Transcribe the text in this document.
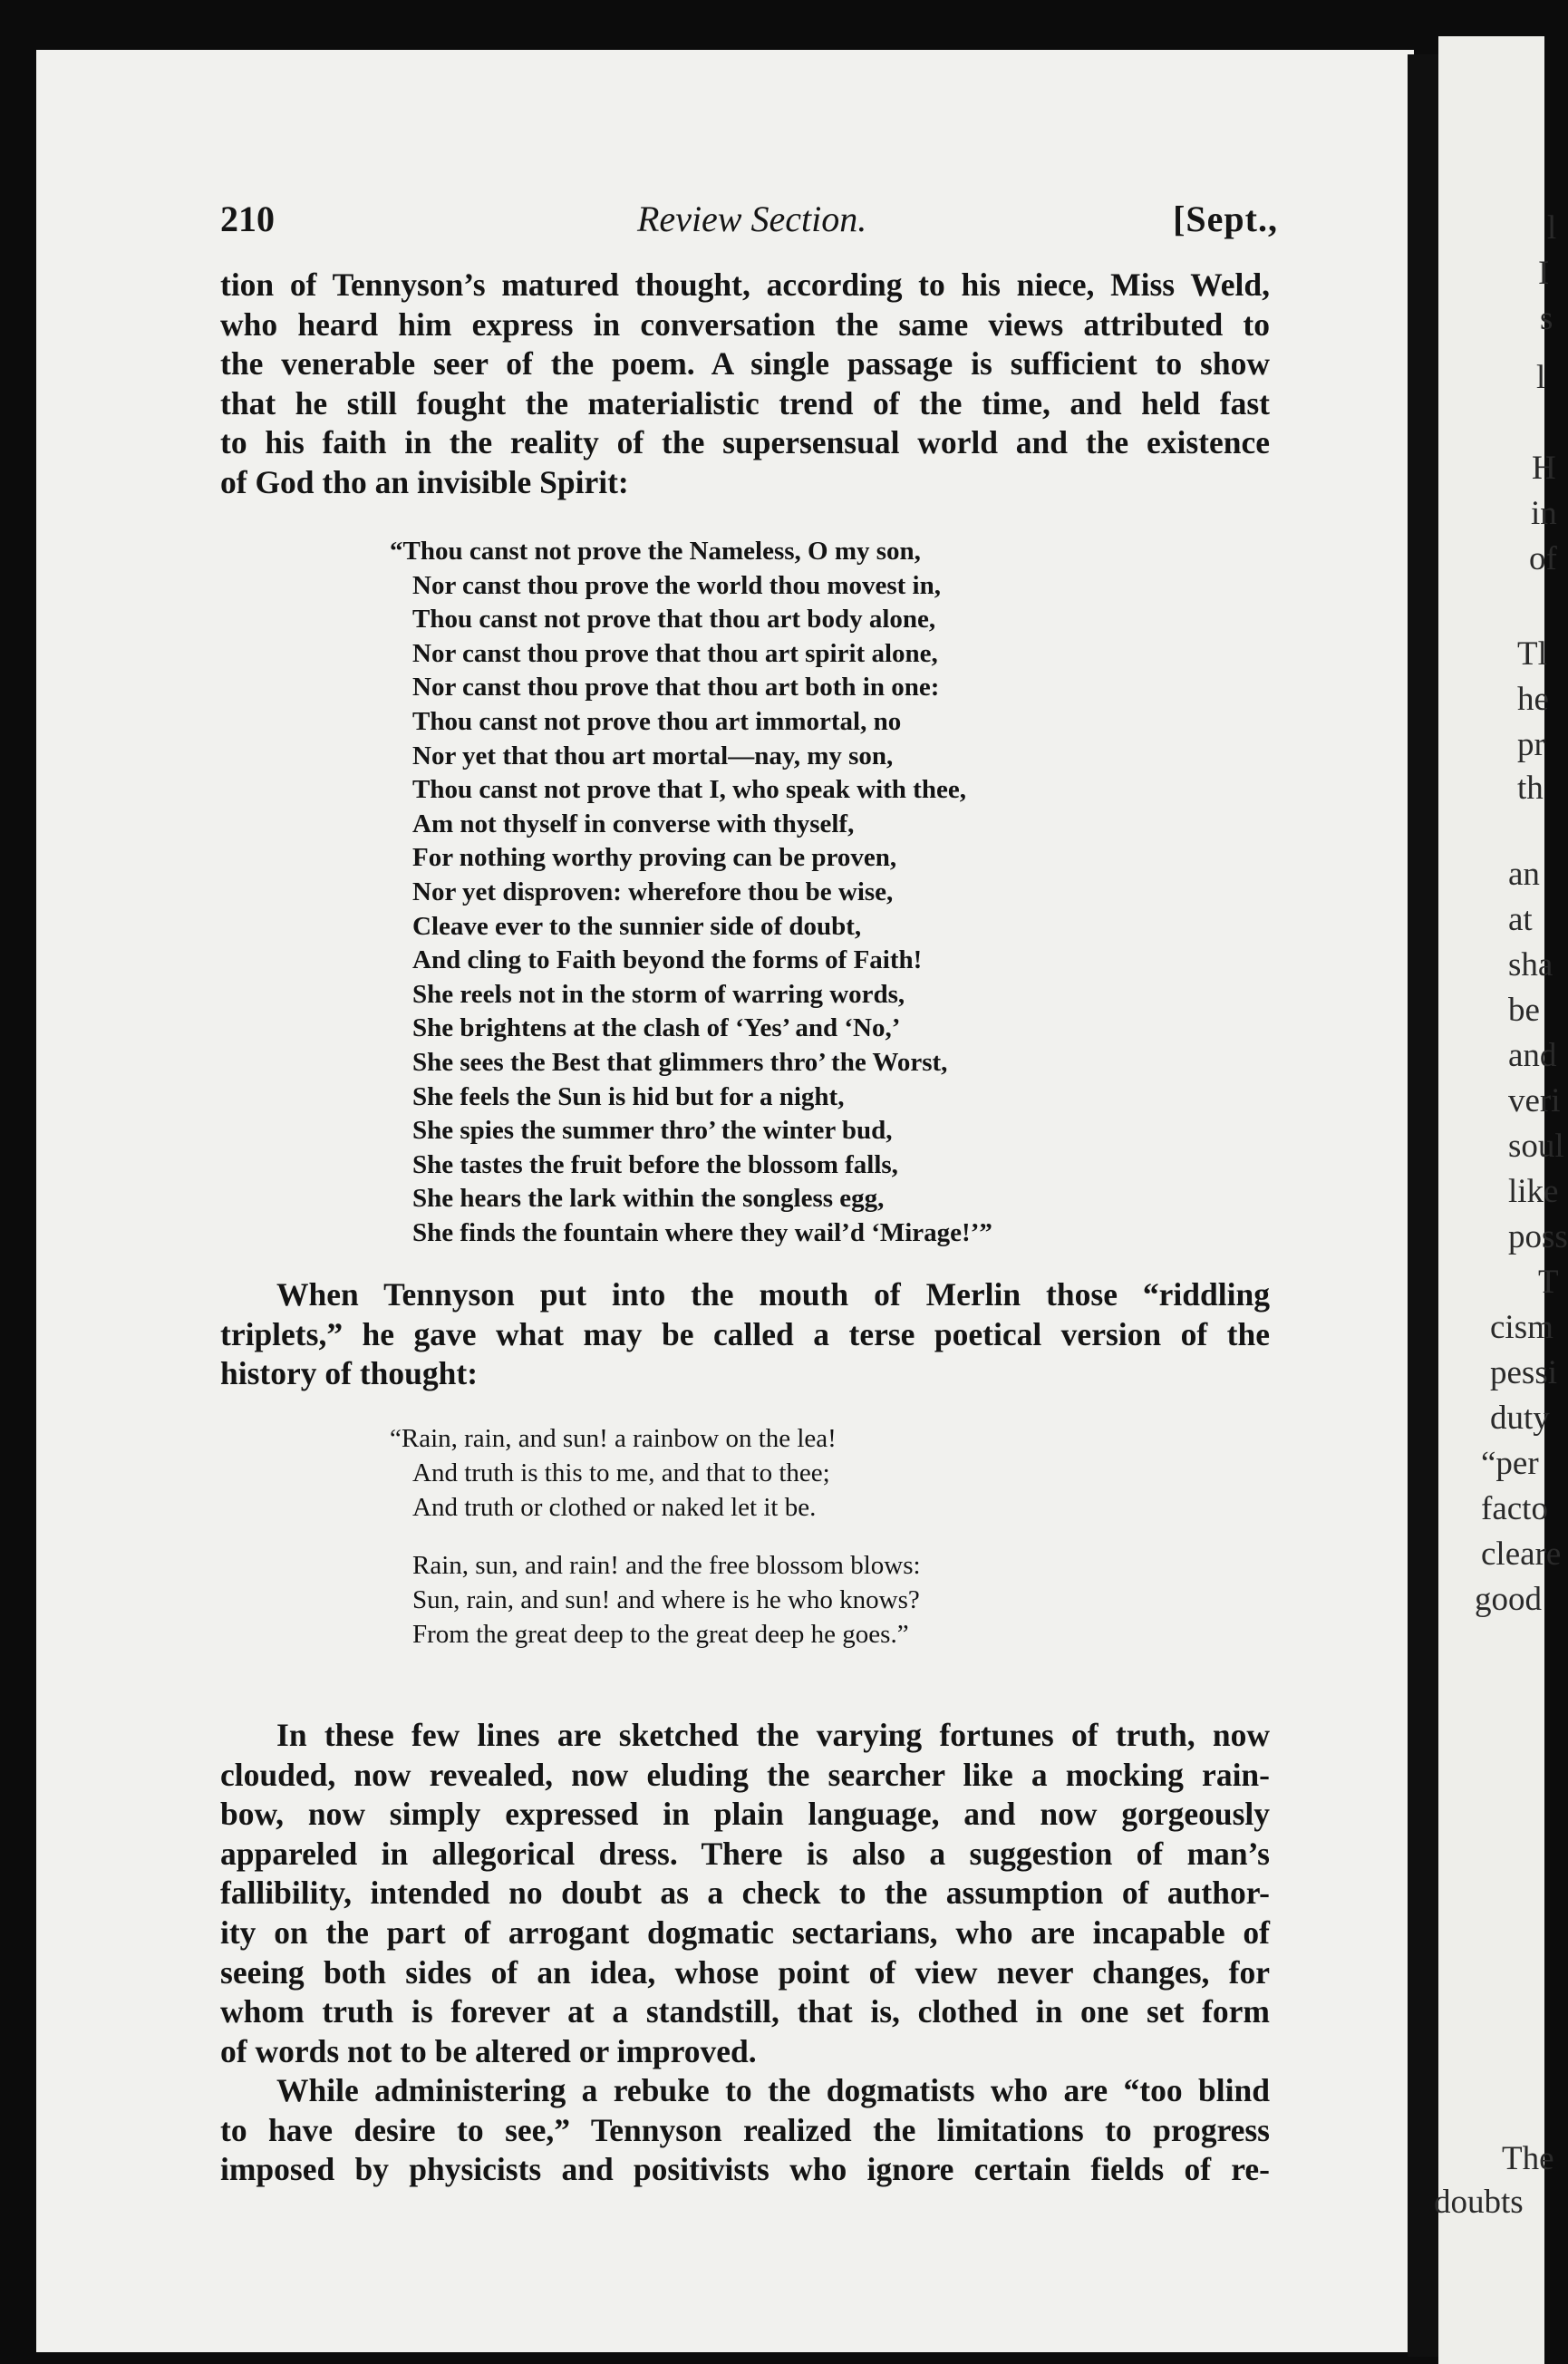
l
I
s
l
H
in
of
Tl
he
pr
th
an
at
sha
be
and
veri
soul
like
poss
T
cism
pessi
duty
“per
facto
cleare
good
The
doubts
210	Review Section.	[Sept.,
tion of Tennyson’s matured thought, according to his niece, Miss Weld,
who heard him express in conversation the same views attributed to
the venerable seer of the poem. A single passage is sufficient to show
that he still fought the materialistic trend of the time, and held fast
to his faith in the reality of the supersensual world and the existence
of God tho an invisible Spirit:
“Thou canst not prove the Nameless, O my son,
Nor canst thou prove the world thou movest in,
Thou canst not prove that thou art body alone,
Nor canst thou prove that thou art spirit alone,
Nor canst thou prove that thou art both in one:
Thou canst not prove thou art immortal, no
Nor yet that thou art mortal—nay, my son,
Thou canst not prove that I, who speak with thee,
Am not thyself in converse with thyself,
For nothing worthy proving can be proven,
Nor yet disproven: wherefore thou be wise,
Cleave ever to the sunnier side of doubt,
And cling to Faith beyond the forms of Faith!
She reels not in the storm of warring words,
She brightens at the clash of ‘Yes’ and ‘No,’
She sees the Best that glimmers thro’ the Worst,
She feels the Sun is hid but for a night,
She spies the summer thro’ the winter bud,
She tastes the fruit before the blossom falls,
She hears the lark within the songless egg,
She finds the fountain where they wail’d ‘Mirage!’”
When Tennyson put into the mouth of Merlin those “riddling
triplets,” he gave what may be called a terse poetical version of the
history of thought:
“Rain, rain, and sun! a rainbow on the lea!
And truth is this to me, and that to thee;
And truth or clothed or naked let it be.
Rain, sun, and rain! and the free blossom blows:
Sun, rain, and sun! and where is he who knows?
From the great deep to the great deep he goes.”
In these few lines are sketched the varying fortunes of truth, now
clouded, now revealed, now eluding the searcher like a mocking rain-
bow, now simply expressed in plain language, and now gorgeously
appareled in allegorical dress. There is also a suggestion of man’s
fallibility, intended no doubt as a check to the assumption of author-
ity on the part of arrogant dogmatic sectarians, who are incapable of
seeing both sides of an idea, whose point of view never changes, for
whom truth is forever at a standstill, that is, clothed in one set form
of words not to be altered or improved.
While administering a rebuke to the dogmatists who are “too blind
to have desire to see,” Tennyson realized the limitations to progress
imposed by physicists and positivists who ignore certain fields of re-
